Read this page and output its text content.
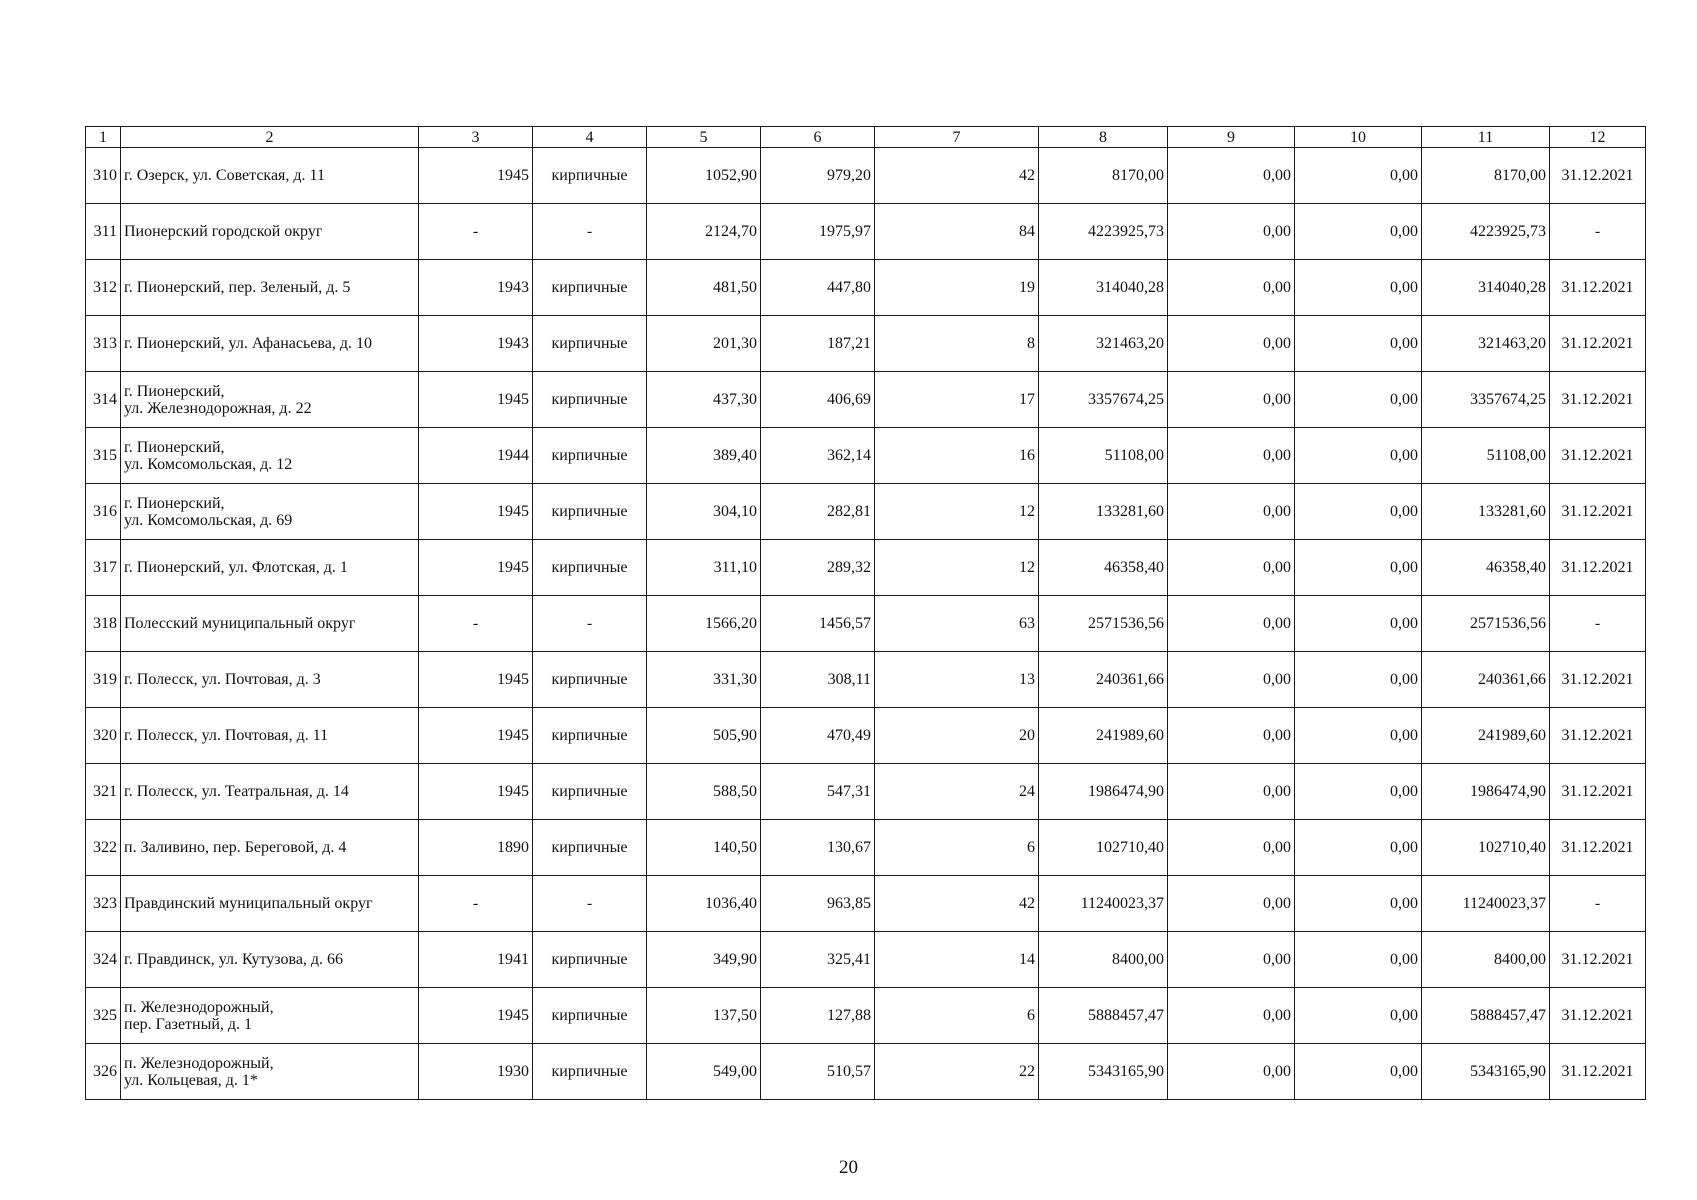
1	2	3	4	5	6	7	8	9	10	11	12
310	г. Озерск, ул. Советская, д. 11	1945	кирпичные	1052,90	979,20	42	8170,00	0,00	0,00	8170,00	31.12.2021
311	Пионерский городской округ	-	-	2124,70	1975,97	84	4223925,73	0,00	0,00	4223925,73	-
312	г. Пионерский, пер. Зеленый, д. 5	1943	кирпичные	481,50	447,80	19	314040,28	0,00	0,00	314040,28	31.12.2021
313	г. Пионерский, ул. Афанасьева, д. 10	1943	кирпичные	201,30	187,21	8	321463,20	0,00	0,00	321463,20	31.12.2021
314	г. Пионерский,
ул. Железнодорожная, д. 22	1945	кирпичные	437,30	406,69	17	3357674,25	0,00	0,00	3357674,25	31.12.2021
315	г. Пионерский,
ул. Комсомольская, д. 12	1944	кирпичные	389,40	362,14	16	51108,00	0,00	0,00	51108,00	31.12.2021
316	г. Пионерский,
ул. Комсомольская, д. 69	1945	кирпичные	304,10	282,81	12	133281,60	0,00	0,00	133281,60	31.12.2021
317	г. Пионерский, ул. Флотская, д. 1	1945	кирпичные	311,10	289,32	12	46358,40	0,00	0,00	46358,40	31.12.2021
318	Полесский муниципальный округ	-	-	1566,20	1456,57	63	2571536,56	0,00	0,00	2571536,56	-
319	г. Полесск, ул. Почтовая, д. 3	1945	кирпичные	331,30	308,11	13	240361,66	0,00	0,00	240361,66	31.12.2021
320	г. Полесск, ул. Почтовая, д. 11	1945	кирпичные	505,90	470,49	20	241989,60	0,00	0,00	241989,60	31.12.2021
321	г. Полесск, ул. Театральная, д. 14	1945	кирпичные	588,50	547,31	24	1986474,90	0,00	0,00	1986474,90	31.12.2021
322	п. Заливино, пер. Береговой, д. 4	1890	кирпичные	140,50	130,67	6	102710,40	0,00	0,00	102710,40	31.12.2021
323	Правдинский муниципальный округ	-	-	1036,40	963,85	42	11240023,37	0,00	0,00	11240023,37	-
324	г. Правдинск, ул. Кутузова, д. 66	1941	кирпичные	349,90	325,41	14	8400,00	0,00	0,00	8400,00	31.12.2021
325	п. Железнодорожный,
пер. Газетный, д. 1	1945	кирпичные	137,50	127,88	6	5888457,47	0,00	0,00	5888457,47	31.12.2021
326	п. Железнодорожный,
ул. Кольцевая, д. 1*	1930	кирпичные	549,00	510,57	22	5343165,90	0,00	0,00	5343165,90	31.12.2021
20
